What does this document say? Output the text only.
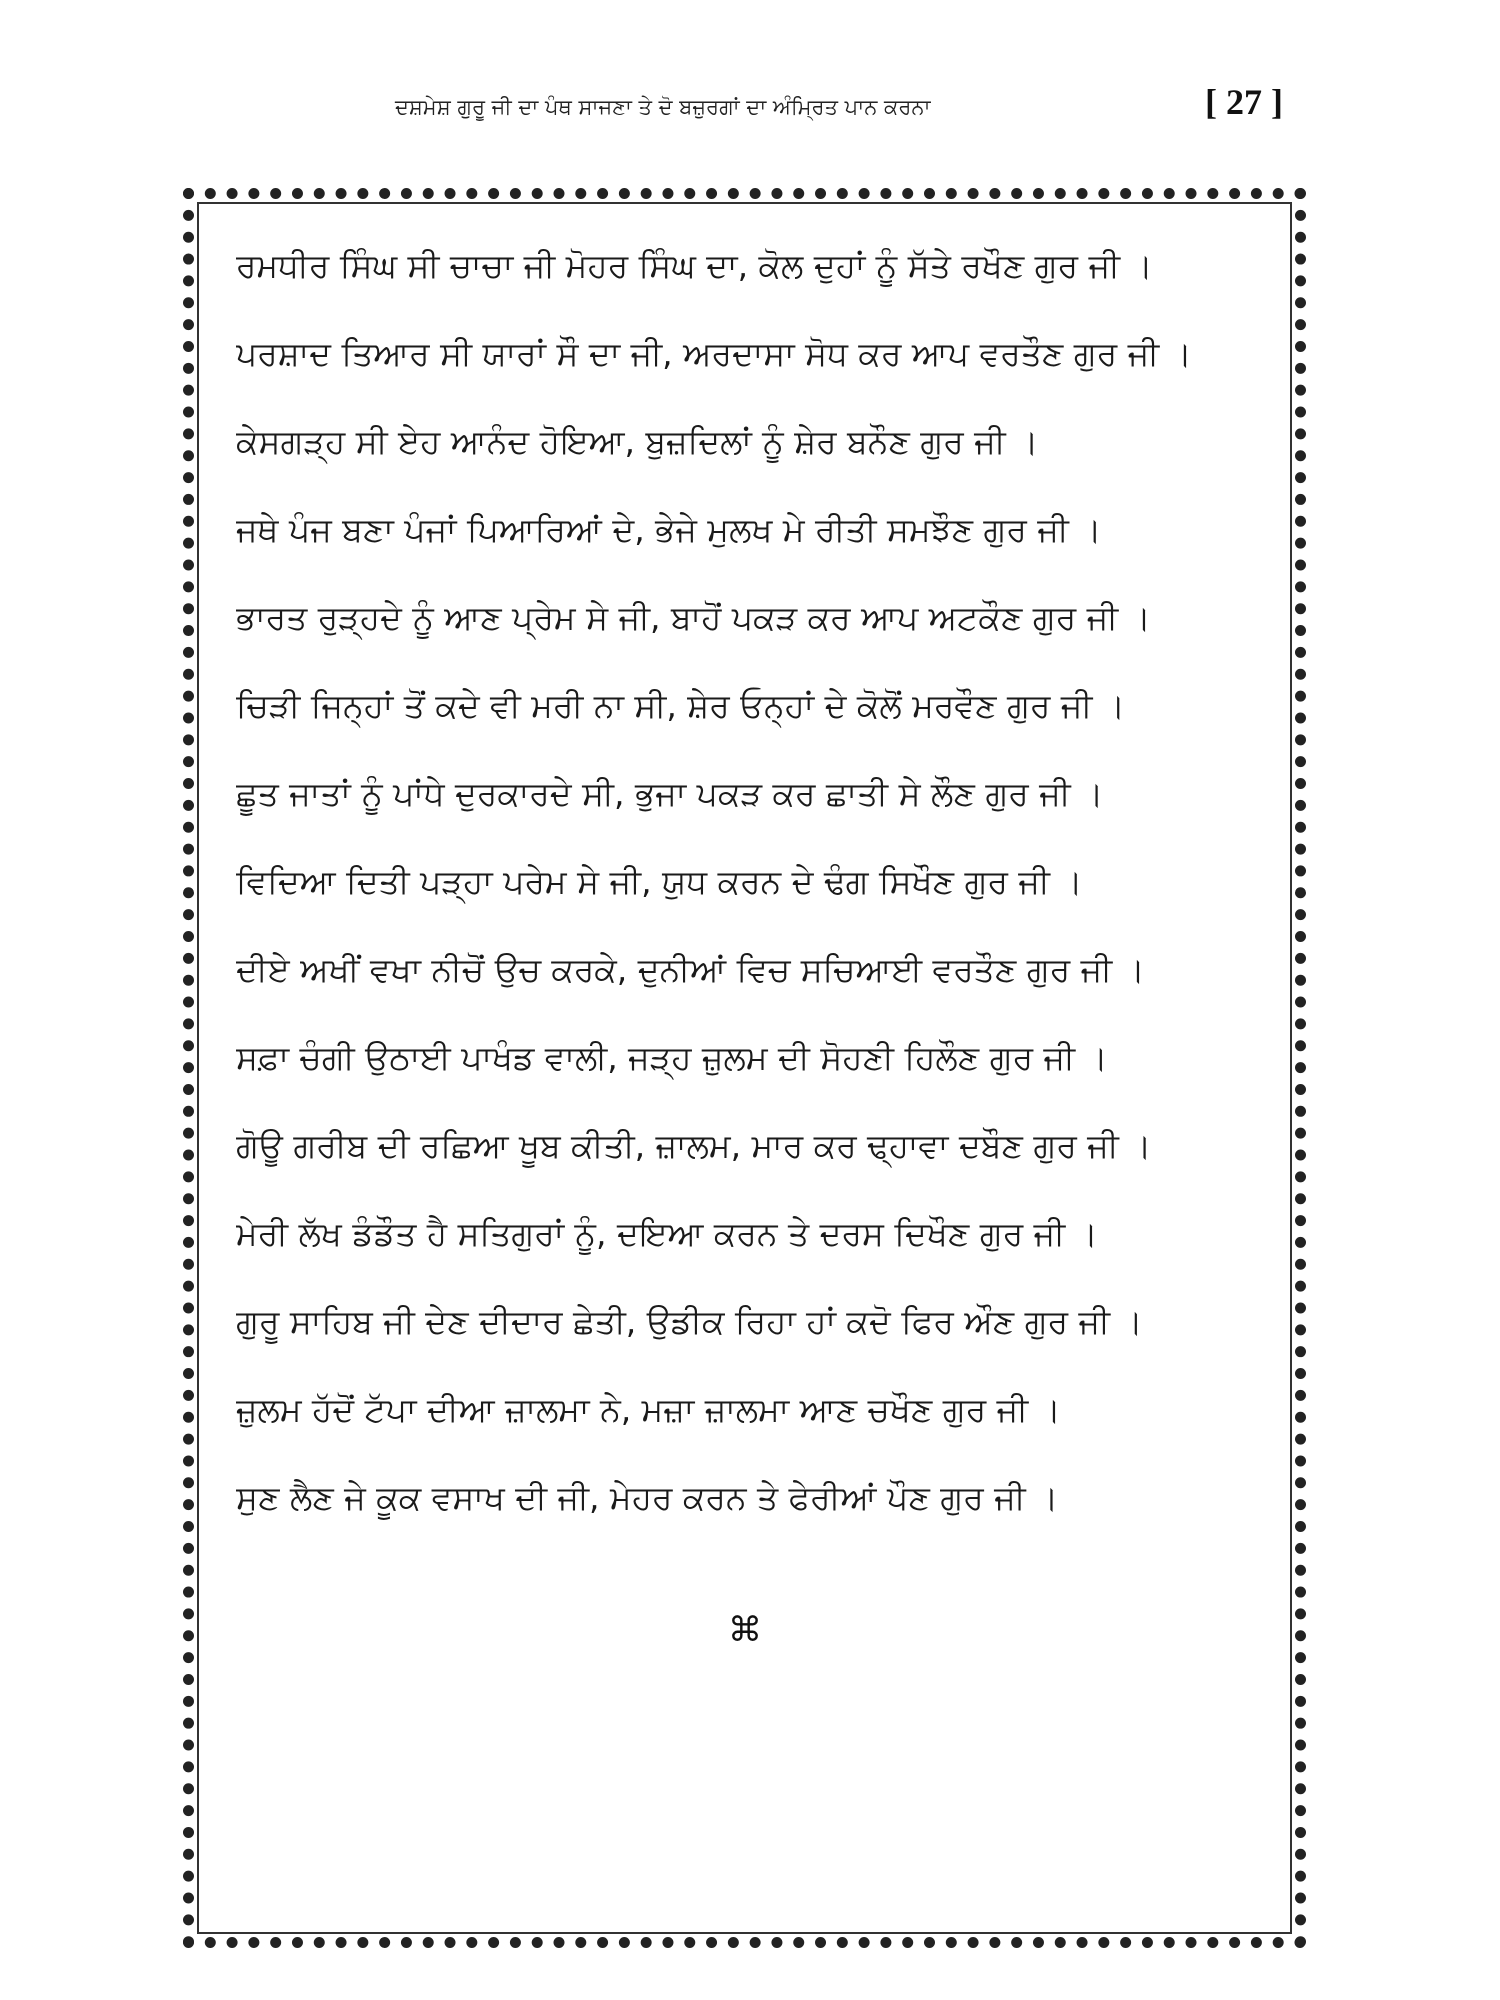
ਦਸ਼ਮੇਸ਼ ਗੁਰੂ ਜੀ ਦਾ ਪੰਥ ਸਾਜਣਾ ਤੇ ਦੋ ਬਜ਼ੁਰਗਾਂ ਦਾ ਅੰਮ੍ਰਿਤ ਪਾਨ ਕਰਨਾ	[ 27 ]
ਰਮਧੀਰ ਸਿੰਘ ਸੀ ਚਾਚਾ ਜੀ ਮੋਹਰ ਸਿੰਘ ਦਾ, ਕੋਲ ਦੁਹਾਂ ਨੂੰ ਸੱਤੇ ਰਖੌਣ ਗੁਰ ਜੀ ।
ਪਰਸ਼ਾਦ ਤਿਆਰ ਸੀ ਯਾਰਾਂ ਸੌ ਦਾ ਜੀ, ਅਰਦਾਸਾ ਸੋਧ ਕਰ ਆਪ ਵਰਤੌਣ ਗੁਰ ਜੀ ।
ਕੇਸਗੜ੍ਹ ਸੀ ਏਹ ਆਨੰਦ ਹੋਇਆ, ਬੁਜ਼ਦਿਲਾਂ ਨੂੰ ਸ਼ੇਰ ਬਨੌਣ ਗੁਰ ਜੀ ।
ਜਥੇ ਪੰਜ ਬਣਾ ਪੰਜਾਂ ਪਿਆਰਿਆਂ ਦੇ, ਭੇਜੇ ਮੁਲਖ ਮੇ ਰੀਤੀ ਸਮਝੌਣ ਗੁਰ ਜੀ ।
ਭਾਰਤ ਰੁੜ੍ਹਦੇ ਨੂੰ ਆਣ ਪ੍ਰੇਮ ਸੇ ਜੀ, ਬਾਹੋਂ ਪਕੜ ਕਰ ਆਪ ਅਟਕੌਣ ਗੁਰ ਜੀ ।
ਚਿੜੀ ਜਿਨ੍ਹਾਂ ਤੋਂ ਕਦੇ ਵੀ ਮਰੀ ਨਾ ਸੀ, ਸ਼ੇਰ ਓਨ੍ਹਾਂ ਦੇ ਕੋਲੋਂ ਮਰਵੌਣ ਗੁਰ ਜੀ ।
ਛੂਤ ਜਾਤਾਂ ਨੂੰ ਪਾਂਧੇ ਦੁਰਕਾਰਦੇ ਸੀ, ਭੁਜਾ ਪਕੜ ਕਰ ਛਾਤੀ ਸੇ ਲੌਣ ਗੁਰ ਜੀ ।
ਵਿਦਿਆ ਦਿਤੀ ਪੜ੍ਹਾ ਪਰੇਮ ਸੇ ਜੀ, ਯੁਧ ਕਰਨ ਦੇ ਢੰਗ ਸਿਖੌਣ ਗੁਰ ਜੀ ।
ਦੀਏ ਅਖੀਂ ਵਖਾ ਨੀਚੋਂ ਉਚ ਕਰਕੇ, ਦੁਨੀਆਂ ਵਿਚ ਸਚਿਆਈ ਵਰਤੌਣ ਗੁਰ ਜੀ ।
ਸਫ਼ਾ ਚੰਗੀ ਉਠਾਈ ਪਾਖੰਡ ਵਾਲੀ, ਜੜ੍ਹ ਜ਼ੁਲਮ ਦੀ ਸੋਹਣੀ ਹਿਲੌਣ ਗੁਰ ਜੀ ।
ਗੋਊ ਗਰੀਬ ਦੀ ਰਛਿਆ ਖੂਬ ਕੀਤੀ, ਜ਼ਾਲਮ, ਮਾਰ ਕਰ ਢ੍ਹਾਵਾ ਦਬੌਣ ਗੁਰ ਜੀ ।
ਮੇਰੀ ਲੱਖ ਡੰਡੌਤ ਹੈ ਸਤਿਗੁਰਾਂ ਨੂੰ, ਦਇਆ ਕਰਨ ਤੇ ਦਰਸ ਦਿਖੌਣ ਗੁਰ ਜੀ ।
ਗੁਰੂ ਸਾਹਿਬ ਜੀ ਦੇਣ ਦੀਦਾਰ ਛੇਤੀ, ਉਡੀਕ ਰਿਹਾ ਹਾਂ ਕਦੋ ਫਿਰ ਔਣ ਗੁਰ ਜੀ ।
ਜ਼ੁਲਮ ਹੱਦੋਂ ਟੱਪਾ ਦੀਆ ਜ਼ਾਲਮਾ ਨੇ, ਮਜ਼ਾ ਜ਼ਾਲਮਾ ਆਣ ਚਖੌਣ ਗੁਰ ਜੀ ।
ਸੁਣ ਲੈਣ ਜੇ ਕੂਕ ਵਸਾਖ ਦੀ ਜੀ, ਮੇਹਰ ਕਰਨ ਤੇ ਫੇਰੀਆਂ ਪੌਣ ਗੁਰ ਜੀ ।
⌘
